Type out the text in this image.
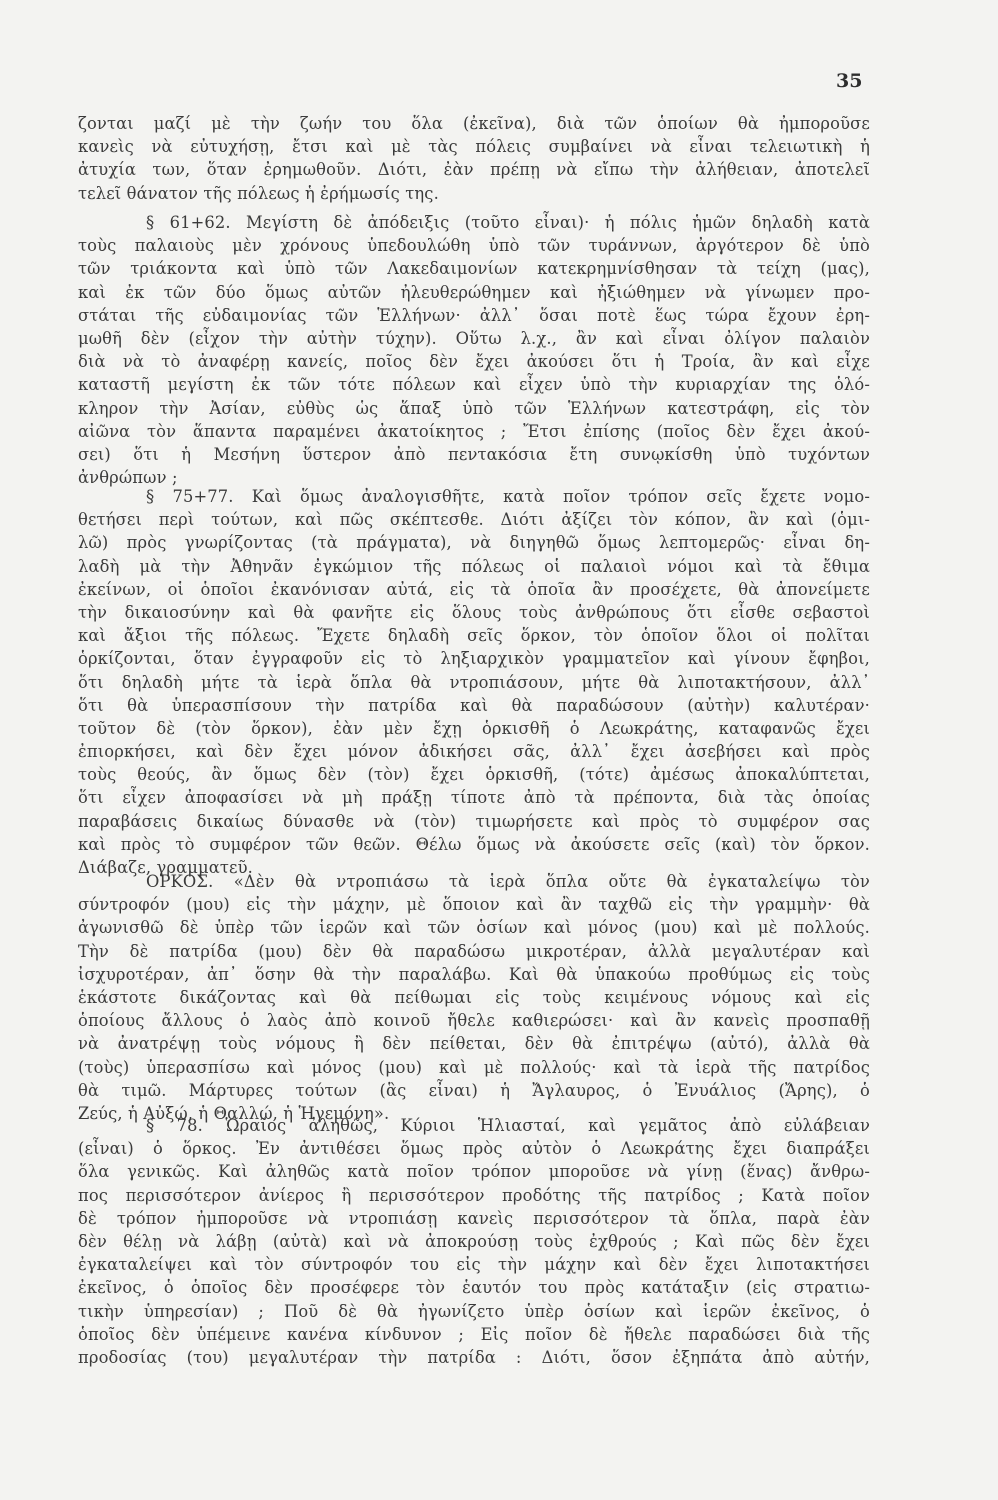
35
ζονται μαζί μὲ τὴν ζωήν του ὅλα (ἐκεῖνα), διὰ τῶν ὁποίων θὰ ἠμποροῦσε
κανεὶς νὰ εὐτυχήσῃ, ἔτσι καὶ μὲ τὰς πόλεις συμβαίνει νὰ εἶναι τελειωτικὴ ἡ
ἀτυχία των, ὅταν ἐρημωθοῦν. Διότι, ἐὰν πρέπῃ νὰ εἴπω τὴν ἀλήθειαν, ἀποτελεῖ
τελεῖ θάνατον τῆς πόλεως ἡ ἐρήμωσίς της.
§ 61+62. Μεγίστη δὲ ἀπόδειξις (τοῦτο εἶναι)· ἡ πόλις ἡμῶν δηλαδὴ κατὰ
τοὺς παλαιοὺς μὲν χρόνους ὑπεδουλώθη ὑπὸ τῶν τυράννων, ἀργότερον δὲ ὑπὸ
τῶν τριάκοντα καὶ ὑπὸ τῶν Λακεδαιμονίων κατεκρημνίσθησαν τὰ τείχη (μας),
καὶ ἐκ τῶν δύο ὅμως αὐτῶν ἠλευθερώθημεν καὶ ἠξιώθημεν νὰ γίνωμεν προ-
στάται τῆς εὐδαιμονίας τῶν Ἑλλήνων· ἀλλ᾽ ὅσαι ποτὲ ἕως τώρα ἔχουν ἐρη-
μωθῆ δὲν (εἶχον τὴν αὐτὴν τύχην). Οὕτω λ.χ., ἂν καὶ εἶναι ὀλίγον παλαιὸν
διὰ νὰ τὸ ἀναφέρῃ κανείς, ποῖος δὲν ἔχει ἀκούσει ὅτι ἡ Τροία, ἂν καὶ εἶχε
καταστῆ μεγίστη ἐκ τῶν τότε πόλεων καὶ εἶχεν ὑπὸ τὴν κυριαρχίαν της ὁλό-
κληρον τὴν Ἀσίαν, εὐθὺς ὡς ἅπαξ ὑπὸ τῶν Ἑλλήνων κατεστράφη, εἰς τὸν
αἰῶνα τὸν ἅπαντα παραμένει ἀκατοίκητος ; Ἔτσι ἐπίσης (ποῖος δὲν ἔχει ἀκού-
σει) ὅτι ἡ Μεσήνη ὕστερον ἀπὸ πεντακόσια ἔτη συνῳκίσθη ὑπὸ τυχόντων
ἀνθρώπων ;
§ 75+77. Καὶ ὅμως ἀναλογισθῆτε, κατὰ ποῖον τρόπον σεῖς ἔχετε νομο-
θετήσει περὶ τούτων, καὶ πῶς σκέπτεσθε. Διότι ἀξίζει τὸν κόπον, ἂν καὶ (ὁμι-
λῶ) πρὸς γνωρίζοντας (τὰ πράγματα), νὰ διηγηθῶ ὅμως λεπτομερῶς· εἶναι δη-
λαδὴ μὰ τὴν Ἀθηνᾶν ἐγκώμιον τῆς πόλεως οἱ παλαιοὶ νόμοι καὶ τὰ ἔθιμα
ἐκείνων, οἱ ὁποῖοι ἐκανόνισαν αὐτά, εἰς τὰ ὁποῖα ἂν προσέχετε, θὰ ἀπονείμετε
τὴν δικαιοσύνην καὶ θὰ φανῆτε εἰς ὅλους τοὺς ἀνθρώπους ὅτι εἶσθε σεβαστοὶ
καὶ ἄξιοι τῆς πόλεως. Ἔχετε δηλαδὴ σεῖς ὅρκον, τὸν ὁποῖον ὅλοι οἱ πολῖται
ὁρκίζονται, ὅταν ἐγγραφοῦν εἰς τὸ ληξιαρχικὸν γραμματεῖον καὶ γίνουν ἔφηβοι,
ὅτι δηλαδὴ μήτε τὰ ἱερὰ ὅπλα θὰ ντροπιάσουν, μήτε θὰ λιποτακτήσουν, ἀλλ᾽
ὅτι θὰ ὑπερασπίσουν τὴν πατρίδα καὶ θὰ παραδώσουν (αὐτὴν) καλυτέραν·
τοῦτον δὲ (τὸν ὅρκον), ἐὰν μὲν ἔχῃ ὁρκισθῆ ὁ Λεωκράτης, καταφανῶς ἔχει
ἐπιορκήσει, καὶ δὲν ἔχει μόνον ἀδικήσει σᾶς, ἀλλ᾽ ἔχει ἀσεβήσει καὶ πρὸς
τοὺς θεούς, ἂν ὅμως δὲν (τὸν) ἔχει ὁρκισθῆ, (τότε) ἀμέσως ἀποκαλύπτεται,
ὅτι εἶχεν ἀποφασίσει νὰ μὴ πράξῃ τίποτε ἀπὸ τὰ πρέποντα, διὰ τὰς ὁποίας
παραβάσεις δικαίως δύνασθε νὰ (τὸν) τιμωρήσετε καὶ πρὸς τὸ συμφέρον σας
καὶ πρὸς τὸ συμφέρον τῶν θεῶν. Θέλω ὅμως νὰ ἀκούσετε σεῖς (καὶ) τὸν ὅρκον.
Διάβαζε, γραμματεῦ.
ΟΡΚΟΣ. «Δὲν θὰ ντροπιάσω τὰ ἱερὰ ὅπλα οὔτε θὰ ἐγκαταλείψω τὸν
σύντροφόν (μου) εἰς τὴν μάχην, μὲ ὅποιον καὶ ἂν ταχθῶ εἰς τὴν γραμμὴν· θὰ
ἀγωνισθῶ δὲ ὑπὲρ τῶν ἱερῶν καὶ τῶν ὁσίων καὶ μόνος (μου) καὶ μὲ πολλούς.
Τὴν δὲ πατρίδα (μου) δὲν θὰ παραδώσω μικροτέραν, ἀλλὰ μεγαλυτέραν καὶ
ἰσχυροτέραν, ἀπ᾽ ὅσην θὰ τὴν παραλάβω. Καὶ θὰ ὑπακούω προθύμως εἰς τοὺς
ἑκάστοτε δικάζοντας καὶ θὰ πείθωμαι εἰς τοὺς κειμένους νόμους καὶ εἰς
ὁποίους ἄλλους ὁ λαὸς ἀπὸ κοινοῦ ἤθελε καθιερώσει· καὶ ἂν κανεὶς προσπαθῇ
νὰ ἀνατρέψῃ τοὺς νόμους ἢ δὲν πείθεται, δὲν θὰ ἐπιτρέψω (αὐτό), ἀλλὰ θὰ
(τοὺς) ὑπερασπίσω καὶ μόνος (μου) καὶ μὲ πολλούς· καὶ τὰ ἱερὰ τῆς πατρίδος
θὰ τιμῶ. Μάρτυρες τούτων (ἃς εἶναι) ἡ Ἄγλαυρος, ὁ Ἐνυάλιος (Ἄρης), ὁ
Ζεύς, ἡ Αὐξώ, ἡ Θαλλώ, ἡ Ἡγεμόνη».
§ 78. Ὡραῖος ἀληθῶς, Κύριοι Ἡλιασταί, καὶ γεμᾶτος ἀπὸ εὐλάβειαν
(εἶναι) ὁ ὅρκος. Ἐν ἀντιθέσει ὅμως πρὸς αὐτὸν ὁ Λεωκράτης ἔχει διαπράξει
ὅλα γενικῶς. Καὶ ἀληθῶς κατὰ ποῖον τρόπον μποροῦσε νὰ γίνῃ (ἕνας) ἄνθρω-
πος περισσότερον ἀνίερος ἢ περισσότερον προδότης τῆς πατρίδος ; Κατὰ ποῖον
δὲ τρόπον ἠμποροῦσε νὰ ντροπιάσῃ κανεὶς περισσότερον τὰ ὅπλα, παρὰ ἐὰν
δὲν θέλῃ νὰ λάβῃ (αὐτὰ) καὶ νὰ ἀποκρούσῃ τοὺς ἐχθρούς ; Καὶ πῶς δὲν ἔχει
ἐγκαταλείψει καὶ τὸν σύντροφόν του εἰς τὴν μάχην καὶ δὲν ἔχει λιποτακτήσει
ἐκεῖνος, ὁ ὁποῖος δὲν προσέφερε τὸν ἑαυτόν του πρὸς κατάταξιν (εἰς στρατιω-
τικὴν ὑπηρεσίαν) ; Ποῦ δὲ θὰ ἠγωνίζετο ὑπὲρ ὁσίων καὶ ἱερῶν ἐκεῖνος, ὁ
ὁποῖος δὲν ὑπέμεινε κανένα κίνδυνον ; Εἰς ποῖον δὲ ἤθελε παραδώσει διὰ τῆς
προδοσίας (του) μεγαλυτέραν τὴν πατρίδα : Διότι, ὅσον ἐξηπάτα ἀπὸ αὐτήν,
